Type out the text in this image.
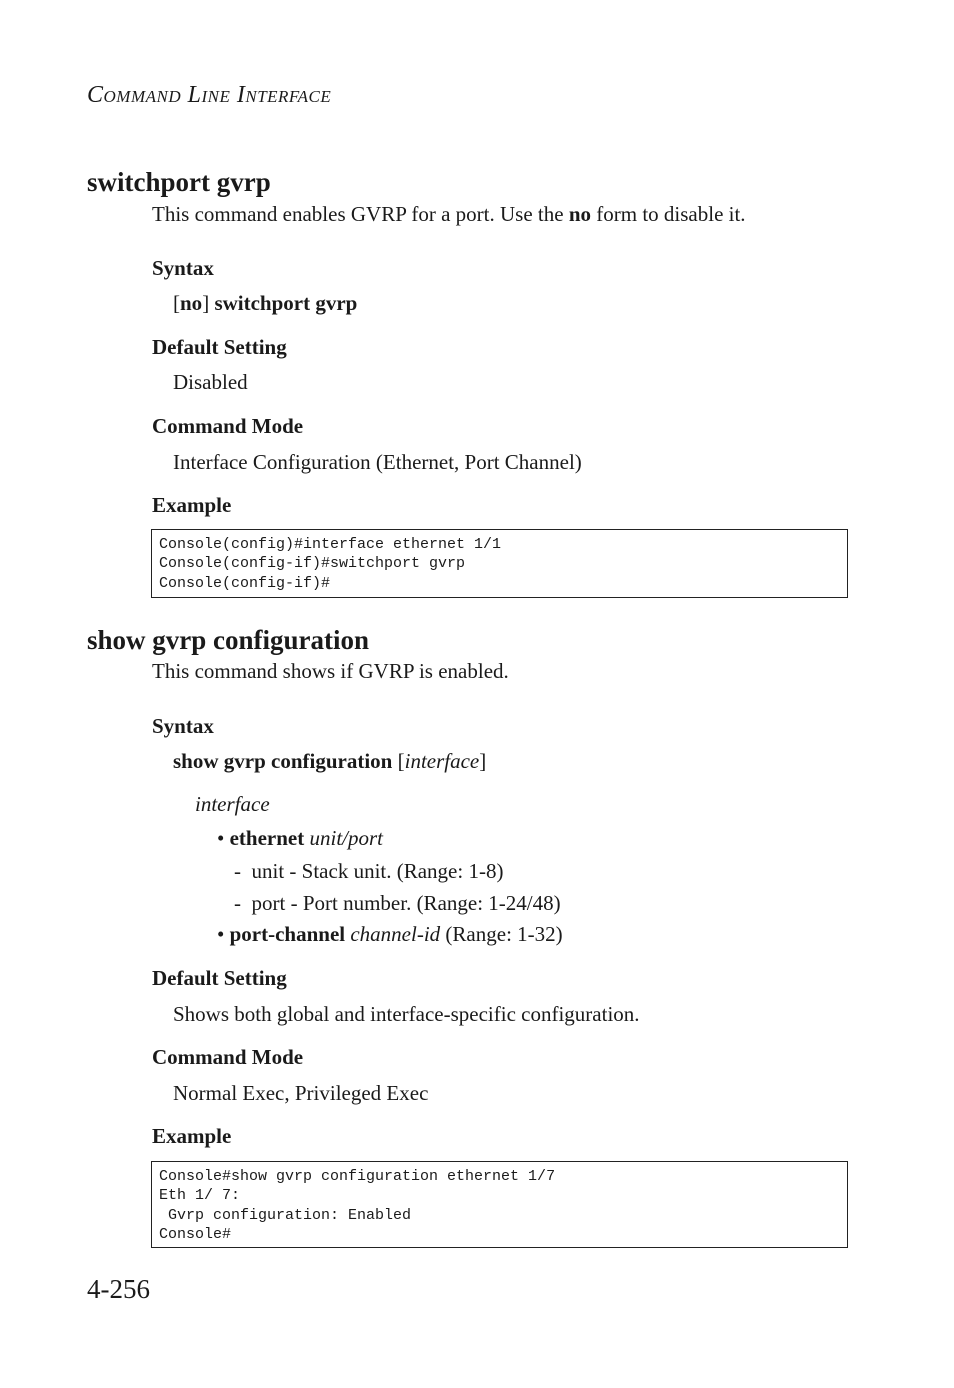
COMMAND LINE INTERFACE
switchport gvrp
This command enables GVRP for a port. Use the no form to disable it.
Syntax
[no] switchport gvrp
Default Setting
Disabled
Command Mode
Interface Configuration (Ethernet, Port Channel)
Example
Console(config)#interface ethernet 1/1
Console(config-if)#switchport gvrp
Console(config-if)#
show gvrp configuration
This command shows if GVRP is enabled.
Syntax
show gvrp configuration [interface]
interface
• ethernet unit/port
- unit - Stack unit. (Range: 1-8)
- port - Port number. (Range: 1-24/48)
• port-channel channel-id (Range: 1-32)
Default Setting
Shows both global and interface-specific configuration.
Command Mode
Normal Exec, Privileged Exec
Example
Console#show gvrp configuration ethernet 1/7
Eth 1/ 7:
Gvrp configuration: Enabled
Console#
4-256
